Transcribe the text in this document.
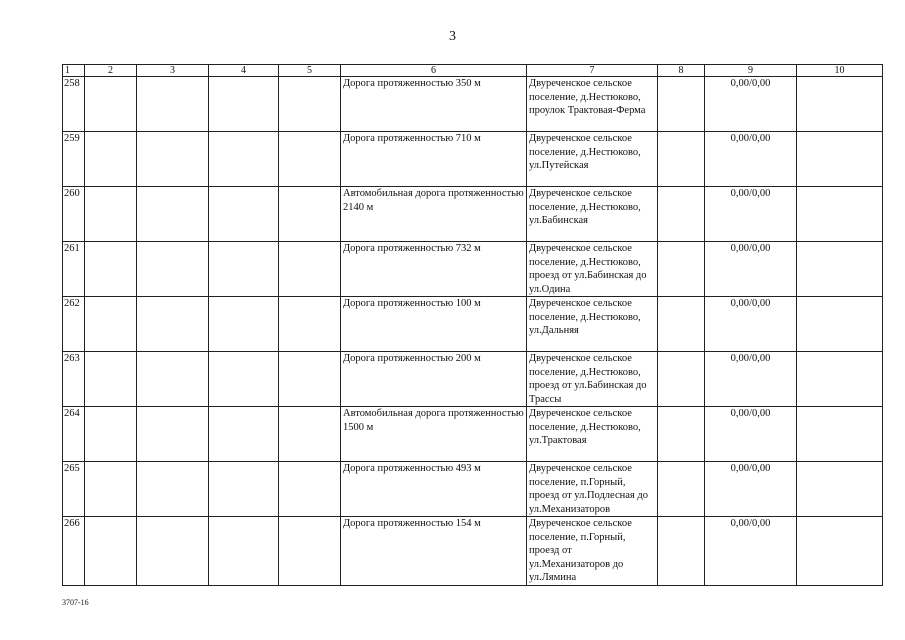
3
1	2	3	4	5	6	7	8	9	10
258					Дорога протяженностью 350 м	Двуреченское сельское поселение, д.Нестюково, проулок Трактовая-Ферма		0,00/0,00	
259					Дорога протяженностью 710 м	Двуреченское сельское поселение, д.Нестюково, ул.Путейская		0,00/0,00	
260					Автомобильная дорога протяженностью 2140 м	Двуреченское сельское поселение, д.Нестюково, ул.Бабинская		0,00/0,00	
261					Дорога протяженностью 732 м	Двуреченское сельское поселение, д.Нестюково, проезд от ул.Бабинская до ул.Одина		0,00/0,00	
262					Дорога протяженностью 100 м	Двуреченское сельское поселение, д.Нестюково, ул.Дальняя		0,00/0,00	
263					Дорога протяженностью 200 м	Двуреченское сельское поселение, д.Нестюково, проезд от ул.Бабинская до Трассы		0,00/0,00	
264					Автомобильная дорога протяженностью 1500 м	Двуреченское сельское поселение, д.Нестюково, ул.Трактовая		0,00/0,00	
265					Дорога протяженностью 493 м	Двуреченское сельское поселение, п.Горный, проезд от ул.Подлесная до ул.Механизаторов		0,00/0,00	
266					Дорога протяженностью 154 м	Двуреченское сельское поселение, п.Горный, проезд от ул.Механизаторов до ул.Лямина		0,00/0,00	
3707-16
